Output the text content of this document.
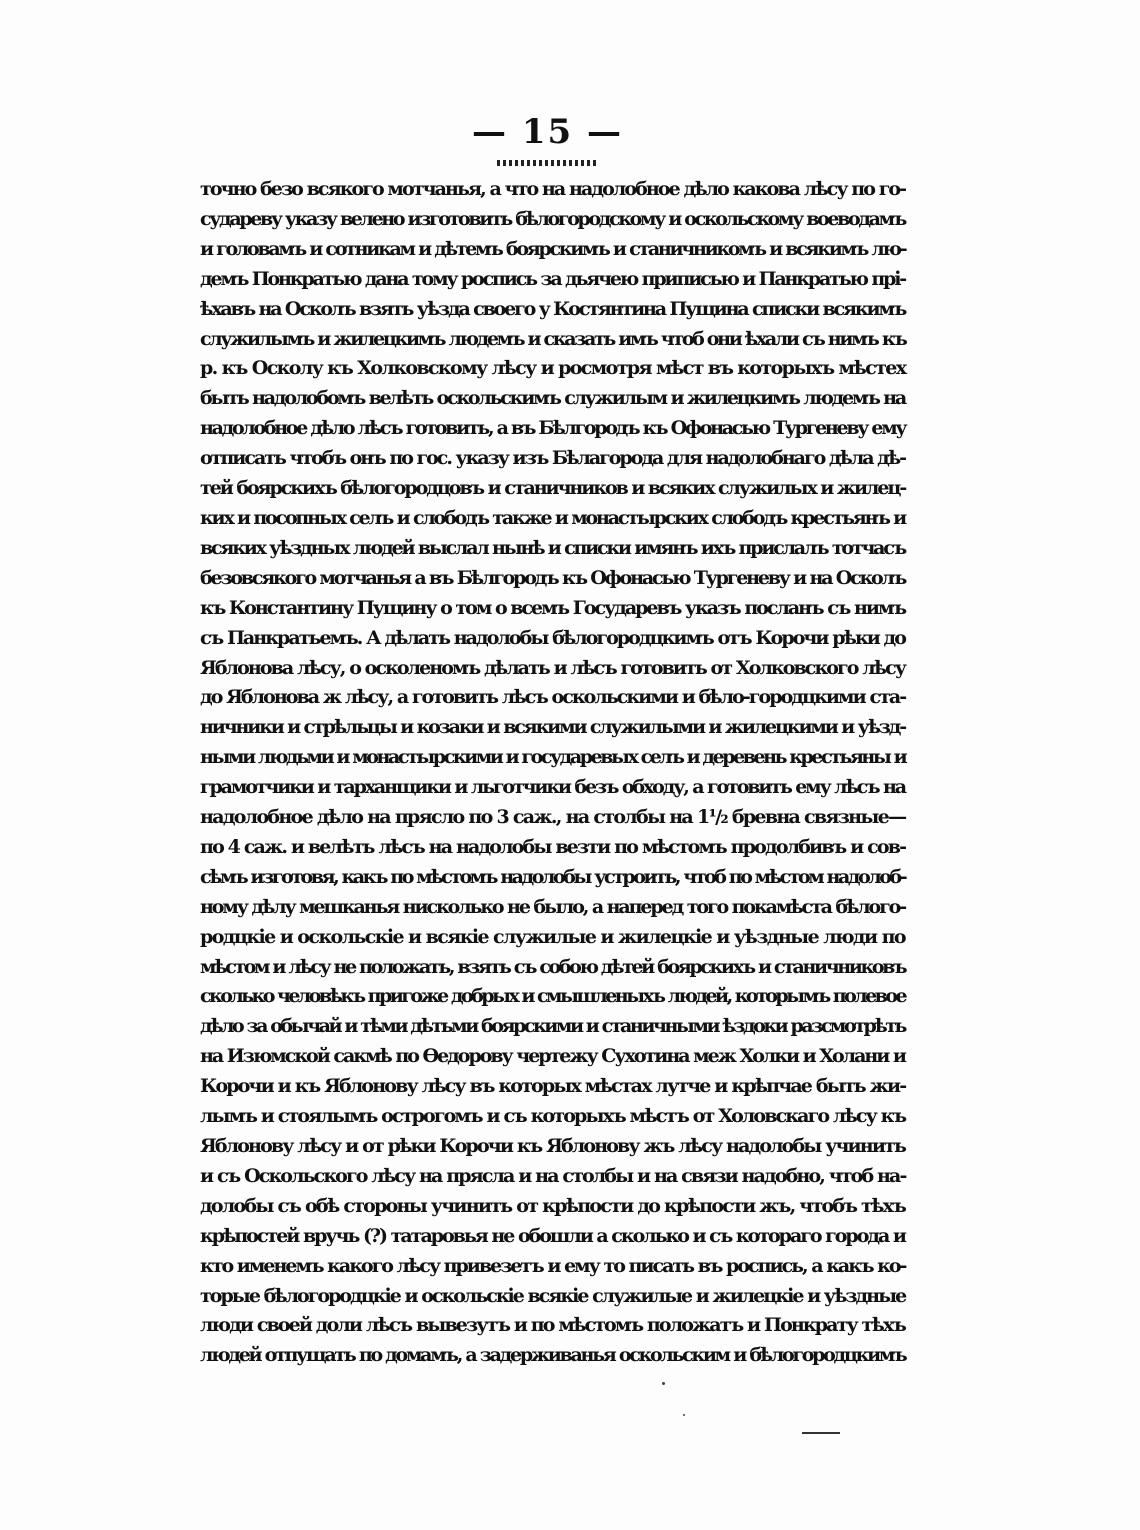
— 15 —
точно безо всякого мотчанья, а что на надолобное дѣло какова лѣсу по го-
судареву указу велено изготовить бѣлогородскому и оскольскому воеводамъ
и головамъ и сотникам и дѣтемъ боярскимъ и станичникомъ и всякимъ лю-
демъ Понкратью дана тому роспись за дьячею приписью и Панкратью прі-
ѣхавъ на Осколъ взять уѣзда своего у Костянтина Пущина списки всякимъ
служилымъ и жилецкимъ людемъ и сказать имъ чтоб они ѣхали съ нимъ къ
р. къ Осколу къ Холковскому лѣсу и росмотря мѣст въ которыхъ мѣстех
быть надолобомъ велѣть оскольскимъ служилым и жилецкимъ людемъ на
надолобное дѣло лѣсъ готовить, а въ Бѣлгородъ къ Офонасью Тургеневу ему
отписать чтобъ онъ по гос. указу изъ Бѣлагорода для надолобнаго дѣла дѣ-
тей боярскихъ бѣлогородцовъ и станичников и всяких служилых и жилец-
ких и посопных селъ и слободъ также и монастырских слободъ крестьянъ и
всяких уѣздных людей выслал нынѣ и списки имянъ ихъ прислалъ тотчасъ
безовсякого мотчанья а въ Бѣлгородъ къ Офонасью Тургеневу и на Осколъ
къ Константину Пущину о том о всемъ Государевъ указъ посланъ съ нимъ
съ Панкратьемъ. А дѣлать надолобы бѣлогородцкимъ отъ Корочи рѣки до
Яблонова лѣсу, о осколеномъ дѣлать и лѣсъ готовить от Холковского лѣсу
до Яблонова ж лѣсу, а готовить лѣсъ оскольскими и бѣло-городцкими ста-
ничники и стрѣльцы и козаки и всякими служилыми и жилецкими и уѣзд-
ными людьми и монастырскими и государевых селъ и деревень крестьяны и
грамотчики и тарханщики и льготчики безъ обходу, а готовить ему лѣсъ на
надолобное дѣло на прясло по 3 саж., на столбы на 1¹/₂ бревна связные—
по 4 саж. и велѣть лѣсъ на надолобы везти по мѣстомъ продолбивъ и сов-
сѣмъ изготовя, какъ по мѣстомъ надолобы устроить, чтоб по мѣстом надолоб-
ному дѣлу мешканья нисколько не было, а наперед того покамѣста бѣлого-
родцкіе и оскольскіе и всякіе служилые и жилецкіе и уѣздные люди по
мѣстом и лѣсу не положать, взять съ собою дѣтей боярскихъ и станичниковъ
сколько человѣкъ пригоже добрых и смышленыхъ людей, которымъ полевое
дѣло за обычай и тѣми дѣтьми боярскими и станичными ѣздоки разсмотрѣть
на Изюмской сакмѣ по Ѳедорову чертежу Сухотина меж Холки и Холани и
Корочи и къ Яблонову лѣсу въ которых мѣстах лутче и крѣпчае быть жи-
лымъ и стоялымъ острогомъ и съ которыхъ мѣстъ от Холовскаго лѣсу къ
Яблонову лѣсу и от рѣки Корочи къ Яблонову жъ лѣсу надолобы учинить
и съ Оскольского лѣсу на прясла и на столбы и на связи надобно, чтоб на-
долобы съ обѣ стороны учинить от крѣпости до крѣпости жъ, чтобъ тѣхъ
крѣпостей вручь (?) татаровья не обошли а сколько и съ котораго города и
кто именемъ какого лѣсу привезетъ и ему то писать въ роспись, а какъ ко-
торые бѣлогородцкіе и оскольскіе всякіе служилые и жилецкіе и уѣздные
люди своей доли лѣсъ вывезутъ и по мѣстомъ положатъ и Понкрату тѣхъ
людей отпущать по домамъ, а задерживанья оскольским и бѣлогородцкимъ
